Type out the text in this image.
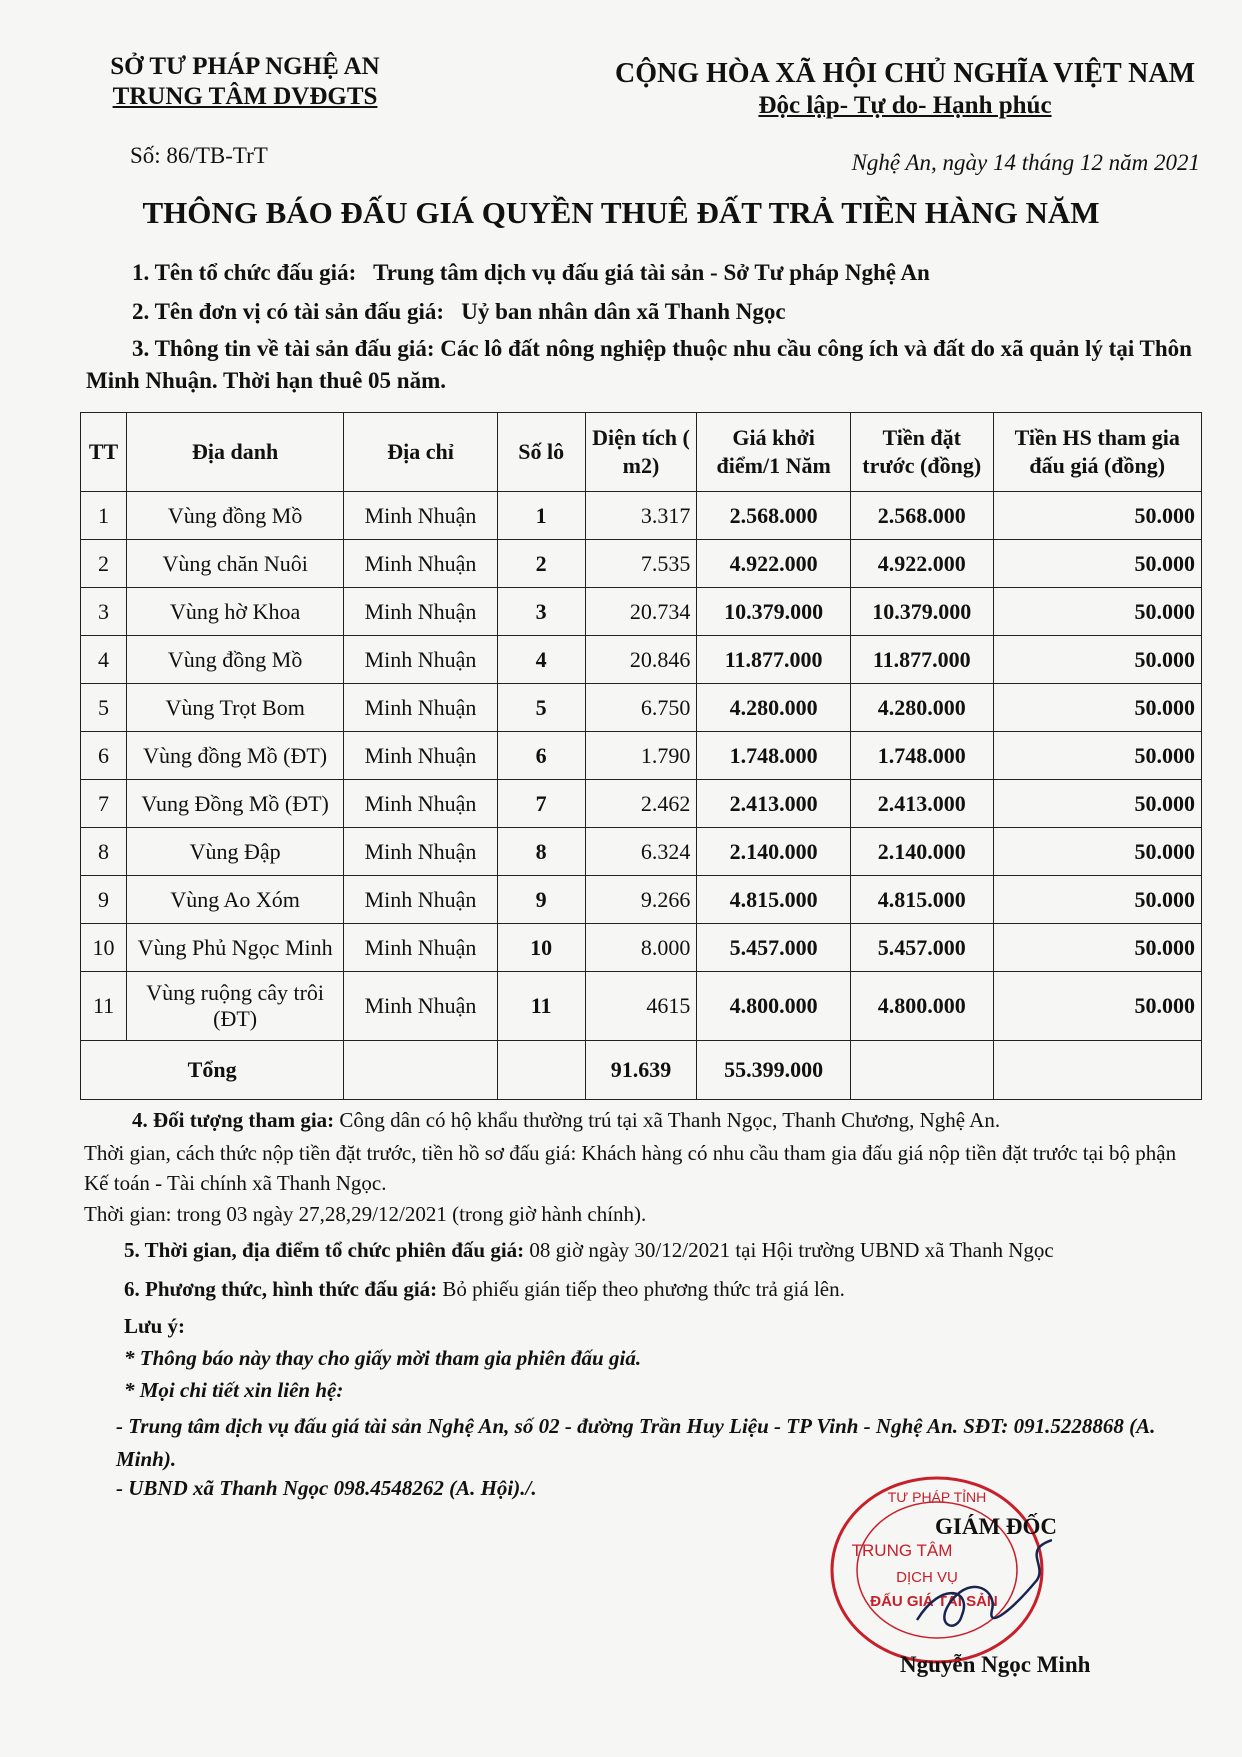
SỞ TƯ PHÁP NGHỆ AN
TRUNG TÂM DVĐGTS
CỘNG HÒA XÃ HỘI CHỦ NGHĨA VIỆT NAM
Độc lập- Tự do- Hạnh phúc
Số: 86/TB-TrT	Nghệ An, ngày 14 tháng 12 năm 2021
THÔNG BÁO ĐẤU GIÁ QUYỀN THUÊ ĐẤT TRẢ TIỀN HÀNG NĂM
1. Tên tổ chức đấu giá: Trung tâm dịch vụ đấu giá tài sản - Sở Tư pháp Nghệ An
2. Tên đơn vị có tài sản đấu giá: Uỷ ban nhân dân xã Thanh Ngọc
3. Thông tin về tài sản đấu giá: Các lô đất nông nghiệp thuộc nhu cầu công ích và đất do xã quản lý tại Thôn Minh Nhuận. Thời hạn thuê 05 năm.
TT	Địa danh	Địa chỉ	Số lô	Diện tích ( m2)	Giá khởi điểm/1 Năm	Tiền đặt trước (đồng)	Tiền HS tham gia đấu giá (đồng)
1	Vùng đồng Mồ	Minh Nhuận	1	3.317	2.568.000	2.568.000	50.000
2	Vùng chăn Nuôi	Minh Nhuận	2	7.535	4.922.000	4.922.000	50.000
3	Vùng hờ Khoa	Minh Nhuận	3	20.734	10.379.000	10.379.000	50.000
4	Vùng đồng Mồ	Minh Nhuận	4	20.846	11.877.000	11.877.000	50.000
5	Vùng Trọt Bom	Minh Nhuận	5	6.750	4.280.000	4.280.000	50.000
6	Vùng đồng Mồ (ĐT)	Minh Nhuận	6	1.790	1.748.000	1.748.000	50.000
7	Vung Đồng Mồ (ĐT)	Minh Nhuận	7	2.462	2.413.000	2.413.000	50.000
8	Vùng Đập	Minh Nhuận	8	6.324	2.140.000	2.140.000	50.000
9	Vùng Ao Xóm	Minh Nhuận	9	9.266	4.815.000	4.815.000	50.000
10	Vùng Phủ Ngọc Minh	Minh Nhuận	10	8.000	5.457.000	5.457.000	50.000
11	Vùng ruộng cây trôi (ĐT)	Minh Nhuận	11	4615	4.800.000	4.800.000	50.000
Tổng				91.639	55.399.000		
4. Đối tượng tham gia: Công dân có hộ khẩu thường trú tại xã Thanh Ngọc, Thanh Chương, Nghệ An.
Thời gian, cách thức nộp tiền đặt trước, tiền hồ sơ đấu giá: Khách hàng có nhu cầu tham gia đấu giá nộp tiền đặt trước tại bộ phận Kế toán - Tài chính xã Thanh Ngọc.
Thời gian: trong 03 ngày 27,28,29/12/2021 (trong giờ hành chính).
5. Thời gian, địa điểm tổ chức phiên đấu giá: 08 giờ ngày 30/12/2021 tại Hội trường UBND xã Thanh Ngọc
6. Phương thức, hình thức đấu giá: Bỏ phiếu gián tiếp theo phương thức trả giá lên.
Lưu ý:
* Thông báo này thay cho giấy mời tham gia phiên đấu giá.
* Mọi chi tiết xin liên hệ:
- Trung tâm dịch vụ đấu giá tài sản Nghệ An, số 02 - đường Trần Huy Liệu - TP Vinh - Nghệ An. SĐT: 091.5228868 (A. Minh).
- UBND xã Thanh Ngọc 098.4548262 (A. Hội)./.	TƯ PHÁP TỈNH
TRUNG TÂM
DỊCH VỤ
ĐẤU GIÁ TÀI SẢN
GIÁM ĐỐC
Nguyễn Ngọc Minh
